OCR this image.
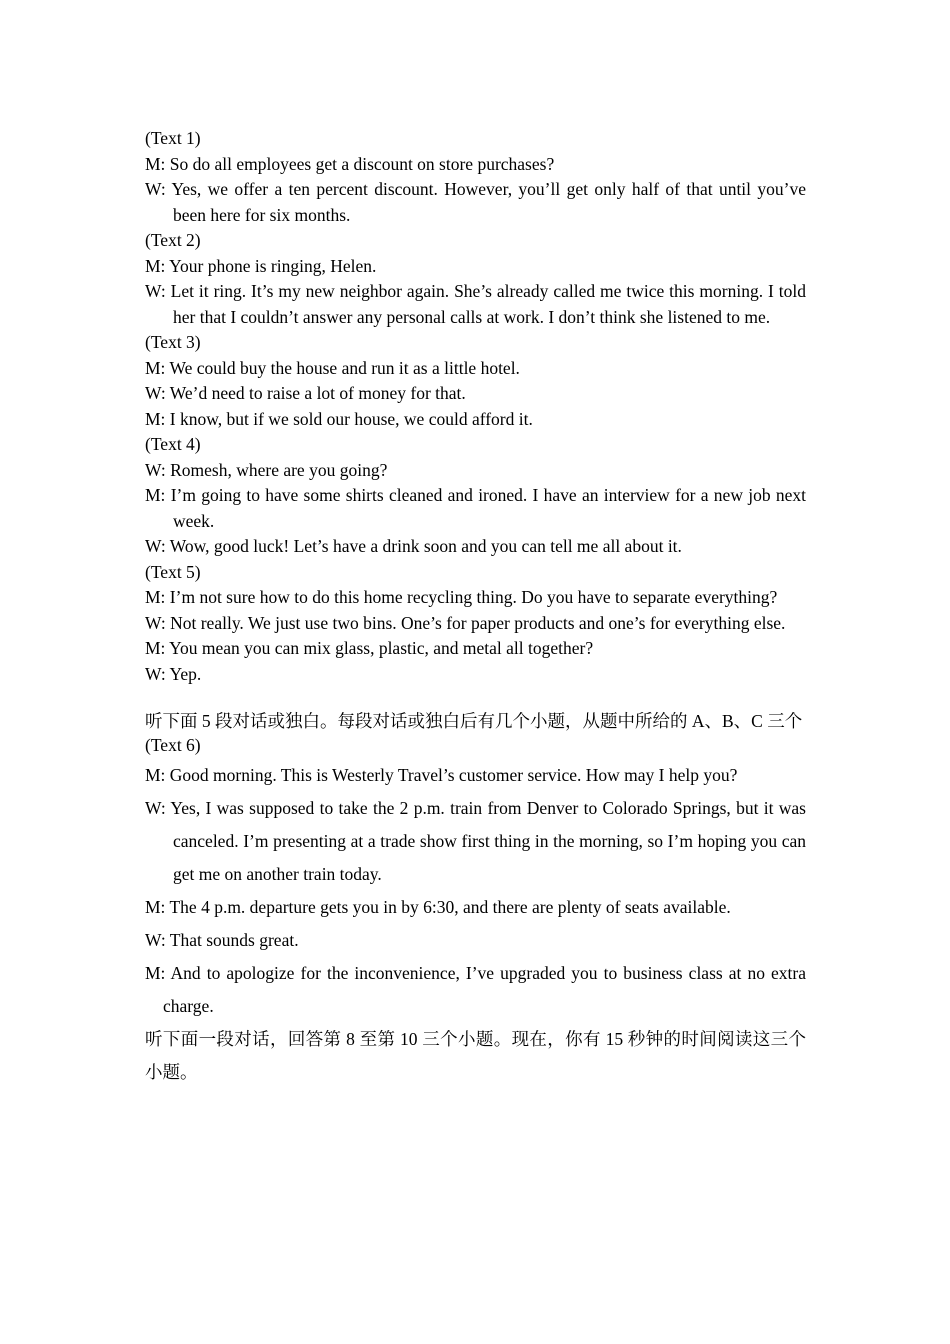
(Text 1)

M: So do all employees get a discount on store purchases?

W: Yes, we offer a ten percent discount. However, you’ll get only half of that until you’ve been here for six months.

(Text 2)

M: Your phone is ringing, Helen.

W: Let it ring. It’s my new neighbor again. She’s already called me twice this morning. I told her that I couldn’t answer any personal calls at work. I don’t think she listened to me.

(Text 3)

M: We could buy the house and run it as a little hotel.

W: We’d need to raise a lot of money for that.

M: I know, but if we sold our house, we could afford it.

(Text 4)

W: Romesh, where are you going?

M: I’m going to have some shirts cleaned and ironed. I have an interview for a new job next week.

W: Wow, good luck! Let’s have a drink soon and you can tell me all about it.

(Text 5)

M: I’m not sure how to do this home recycling thing. Do you have to separate everything?

W: Not really. We just use two bins. One’s for paper products and one’s for everything else.

M: You mean you can mix glass, plastic, and metal all together?

W: Yep.

听下面 5 段对话或独白。每段对话或独白后有几个小题，从题中所给的 A、B、C 三个

(Text 6)

M: Good morning. This is Westerly Travel’s customer service. How may I help you?

W: Yes, I was supposed to take the 2 p.m. train from Denver to Colorado Springs, but it was canceled. I’m presenting at a trade show first thing in the morning, so I’m hoping you can get me on another train today.

M: The 4 p.m. departure gets you in by 6:30, and there are plenty of seats available.

W: That sounds great.

M: And to apologize for the inconvenience, I’ve upgraded you to business class at no extra charge.

听下面一段对话，回答第 8 至第 10 三个小题。现在，你有 15 秒钟的时间阅读这三个小题。
